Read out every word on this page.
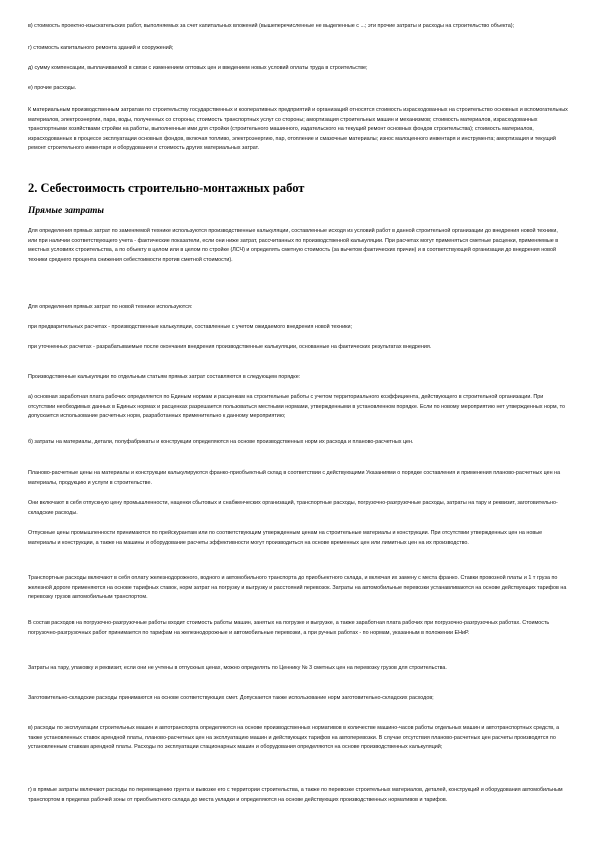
в) стоимость проектно-изыскательских работ, выполняемых за счет капитальных вложений (вышеперечисленные не выделенные с ...; эти прочие затраты и расходы на строительство объекта);

г) стоимость капитального ремонта зданий и сооружений;

д) сумму компенсации, выплачиваемой в связи с изменением оптовых цен и введением новых условий оплаты труда в строительстве;

е) прочие расходы.

К материальным производственным затратам по строительству государственных и кооперативных предприятий и организаций относятся стоимость израсходованных на строительство основных и вспомогательных материалов, электроэнергии, пара, воды, полученных со стороны; стоимость транспортных услуг со стороны; амортизация строительных машин и механизмов; стоимость материалов, израсходованных транспортными хозяйствами стройки на работы, выполненные ими для стройки (строительного машинного, издательского на текущий ремонт основных фондов строительства); стоимость материалов, израсходованных в процессе эксплуатации основных фондов, включая топливо, электроэнергию, пар, отопление и смазочные материалы; износ малоценного инвентаря и инструмента; амортизация и текущий ремонт строительного инвентаря и оборудования и стоимость других материальных затрат.

2. Себестоимость строительно-монтажных работ
Прямые затраты

Для определения прямых затрат по заменяемой технике используются производственные калькуляции, составленные исходя из условий работ в данной строительной организации до внедрения новой техники, или при наличии соответствующего учета - фактические показатели, если они ниже затрат, рассчитанных по производственной калькуляции. При расчетах могут применяться сметные расценки, применяемые в местных условиях строительства, а по объекту в целом или в целом по стройке (ЛСЧ) и определять сметную стоимость (за вычетом фактических причин) и в соответствующей организации до внедрения новой техники среднего процента снижения себестоимости против сметной стоимости).

Для определения прямых затрат по новой технике используются:

при предварительных расчетах - производственные калькуляции, составленные с учетом ожидаемого внедрения новой техники;

при уточненных расчетах - разрабатываемые после окончания внедрения производственные калькуляции, основанные на фактических результатах внедрения.

Производственные калькуляции по отдельным статьям прямых затрат составляются в следующем порядке:

а) основная заработная плата рабочих определяется по Единым нормам и расценкам на строительные работы с учетом территориального коэффициента, действующего в строительной организации. При отсутствии необходимых данных в Единых нормах и расценках разрешается пользоваться местными нормами, утвержденными в установленном порядке. Если по новому мероприятию нет утвержденных норм, то допускается использование расчетных норм, разработанных применительно к данному мероприятию;

б) затраты на материалы, детали, полуфабрикаты и конструкции определяются на основе производственных норм их расхода и планово-расчетных цен.

Планово-расчетные цены на материалы и конструкции калькулируются франко-приобъектный склад в соответствии с действующими Указаниями о порядке составления и применения планово-расчетных цен на материалы, продукцию и услуги в строительстве.

Они включают в себя отпускную цену промышленности, наценки сбытовых и снабженческих организаций, транспортные расходы, погрузочно-разгрузочные расходы, затраты на тару и реквизит, заготовительно-складские расходы.

Отпускные цены промышленности принимаются по прейскурантам или по соответствующим утвержденным ценам на строительные материалы и конструкции. При отсутствии утвержденных цен на новые материалы и конструкции, а также на машины и оборудование расчеты эффективности могут производиться на основе временных цен или лимитных цен на их производство.

Транспортные расходы включают в себя оплату железнодорожного, водного и автомобильного транспорта до приобъектного склада, и включая их замену с места франко. Ставки провозной платы и 1 т груза по железной дороге применяются на основе тарифных ставок, норм затрат на погрузку и выгрузку и расстояний перевозок. Затраты на автомобильные перевозки устанавливаются на основе действующих тарифов на перевозку грузов автомобильным транспортом.

В состав расходов на погрузочно-разгрузочные работы входит стоимость работы машин, занятых на погрузке и выгрузке, а также заработная плата рабочих при погрузочно-разгрузочных работах. Стоимость погрузочно-разгрузочных работ принимается по тарифам на железнодорожные и автомобильные перевозки, а при ручных работах - по нормам, указанным в положении ЕНиР.

Затраты на тару, упаковку и реквизит, если они не учтены в отпускных ценах, можно определять по Ценнику № 3 сметных цен на перевозку грузов для строительства.

Заготовительно-складские расходы принимаются на основе соответствующих смет. Допускается также использование норм заготовительно-складских расходов;

в) расходы по эксплуатации строительных машин и автотранспорта определяются на основе производственных нормативов в количестве машино-часов работы отдельных машин и автотранспортных средств, а также установленных ставок арендной платы, планово-расчетных цен на эксплуатацию машин и действующих тарифов на автоперевозки. В случае отсутствия планово-расчетных цен расчеты производятся по установленным ставкам арендной платы. Расходы по эксплуатации стационарных машин и оборудования определяются на основе производственных калькуляций;

г) в прямые затраты включают расходы по перемещению грунта и вывозке его с территории строительства, а также по перевозке строительных материалов, деталей, конструкций и оборудования автомобильным транспортом в пределах рабочей зоны от приобъектного склада до места укладки и определяются на основе действующих производственных нормативов и тарифов.
